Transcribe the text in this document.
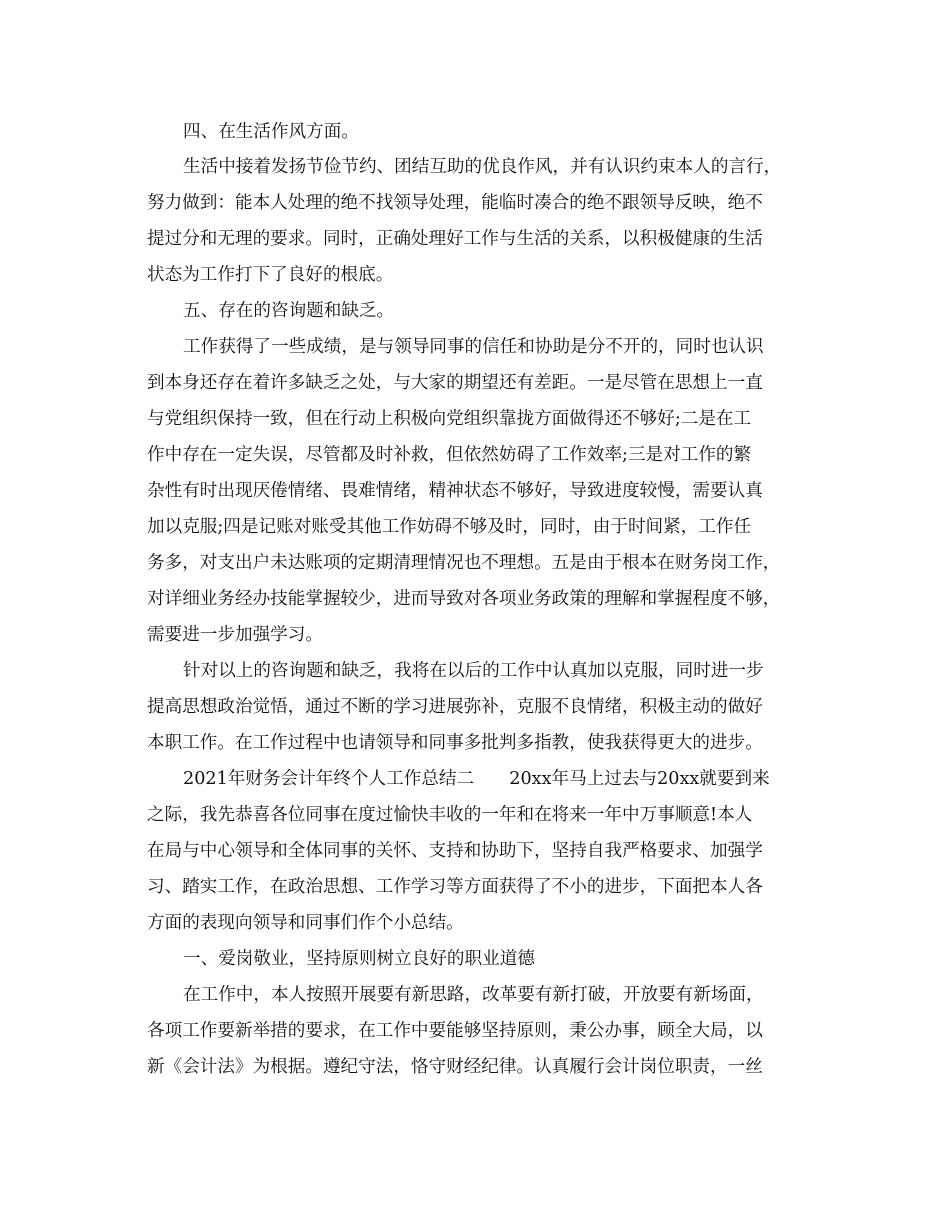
四、在生活作风方面。
生活中接着发扬节俭节约、团结互助的优良作风，并有认识约束本人的言行，
努力做到：能本人处理的绝不找领导处理，能临时凑合的绝不跟领导反映，绝不
提过分和无理的要求。同时，正确处理好工作与生活的关系，以积极健康的生活
状态为工作打下了良好的根底。
五、存在的咨询题和缺乏。
工作获得了一些成绩，是与领导同事的信任和协助是分不开的，同时也认识
到本身还存在着许多缺乏之处，与大家的期望还有差距。一是尽管在思想上一直
与党组织保持一致，但在行动上积极向党组织靠拢方面做得还不够好;二是在工
作中存在一定失误，尽管都及时补救，但依然妨碍了工作效率;三是对工作的繁
杂性有时出现厌倦情绪、畏难情绪，精神状态不够好，导致进度较慢，需要认真
加以克服;四是记账对账受其他工作妨碍不够及时，同时，由于时间紧，工作任
务多，对支出户未达账项的定期清理情况也不理想。五是由于根本在财务岗工作，
对详细业务经办技能掌握较少，进而导致对各项业务政策的理解和掌握程度不够，
需要进一步加强学习。
针对以上的咨询题和缺乏，我将在以后的工作中认真加以克服，同时进一步
提高思想政治觉悟，通过不断的学习进展弥补，克服不良情绪，积极主动的做好
本职工作。在工作过程中也请领导和同事多批判多指教，使我获得更大的进步。
2021年财务会计年终个人工作总结二　　20xx年马上过去与20xx就要到来
之际，我先恭喜各位同事在度过愉快丰收的一年和在将来一年中万事顺意!本人
在局与中心领导和全体同事的关怀、支持和协助下，坚持自我严格要求、加强学
习、踏实工作，在政治思想、工作学习等方面获得了不小的进步，下面把本人各
方面的表现向领导和同事们作个小总结。
一、爱岗敬业，坚持原则树立良好的职业道德
在工作中，本人按照开展要有新思路，改革要有新打破，开放要有新场面，
各项工作要新举措的要求，在工作中要能够坚持原则，秉公办事，顾全大局，以
新《会计法》为根据。遵纪守法，恪守财经纪律。认真履行会计岗位职责，一丝
